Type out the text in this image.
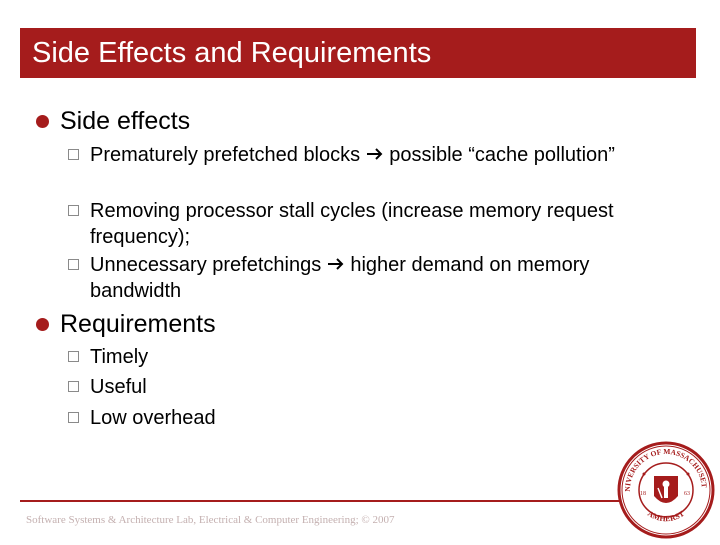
Side Effects and Requirements
Side effects
Prematurely prefetched blocks possible “cache pollution”
Removing processor stall cycles (increase memory request frequency);
Unnecessary prefetchings higher demand on memory bandwidth
Requirements
Timely
Useful
Low overhead
Software Systems & Architecture Lab, Electrical & Computer Engineering; © 2007
NIVERSITY OF MASSACHUSET
AMHERST
18	63
